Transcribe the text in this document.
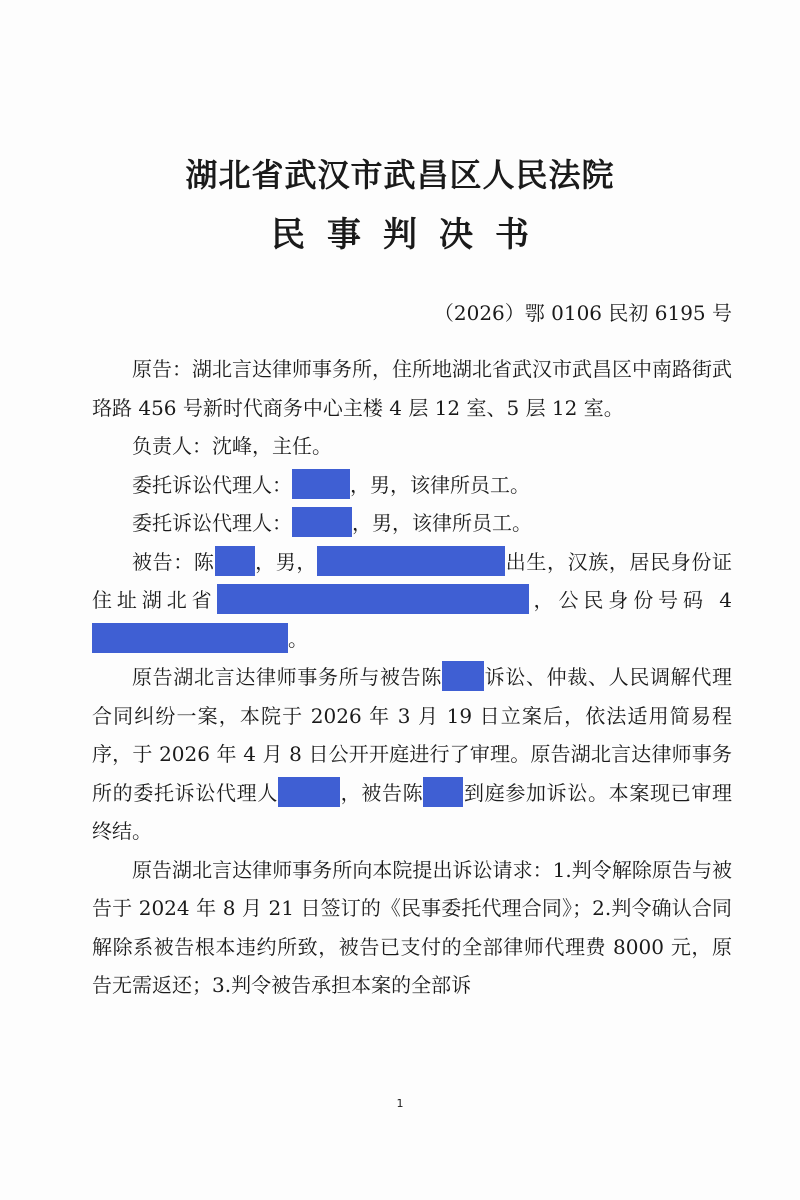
湖北省武汉市武昌区人民法院
民事判决书
（2026）鄂 0106 民初 6195 号

原告：湖北言达律师事务所，住所地湖北省武汉市武昌区中南路街武珞路 456 号新时代商务中心主楼 4 层 12 室、5 层 12 室。

负责人：沈峰，主任。

委托诉讼代理人：	，男，该律所员工。

委托诉讼代理人：	，男，该律所员工。

被告：陈 ，男，	出生，汉族，居民身份证住址湖北省	，公民身份号码 4。

原告湖北言达律师事务所与被告陈 诉讼、仲裁、人民调解代理合同纠纷一案，本院于 2026 年 3 月 19 日立案后，依法适用简易程序，于 2026 年 4 月 8 日公开开庭进行了审理。原告湖北言达律师事务所的委托诉讼代理人	，被告陈 到庭参加诉讼。本案现已审理终结。

原告湖北言达律师事务所向本院提出诉讼请求：1.判令解除原告与被告于 2024 年 8 月 21 日签订的《民事委托代理合同》；2.判令确认合同解除系被告根本违约所致，被告已支付的全部律师代理费 8000 元，原告无需返还；3.判令被告承担本案的全部诉

1
